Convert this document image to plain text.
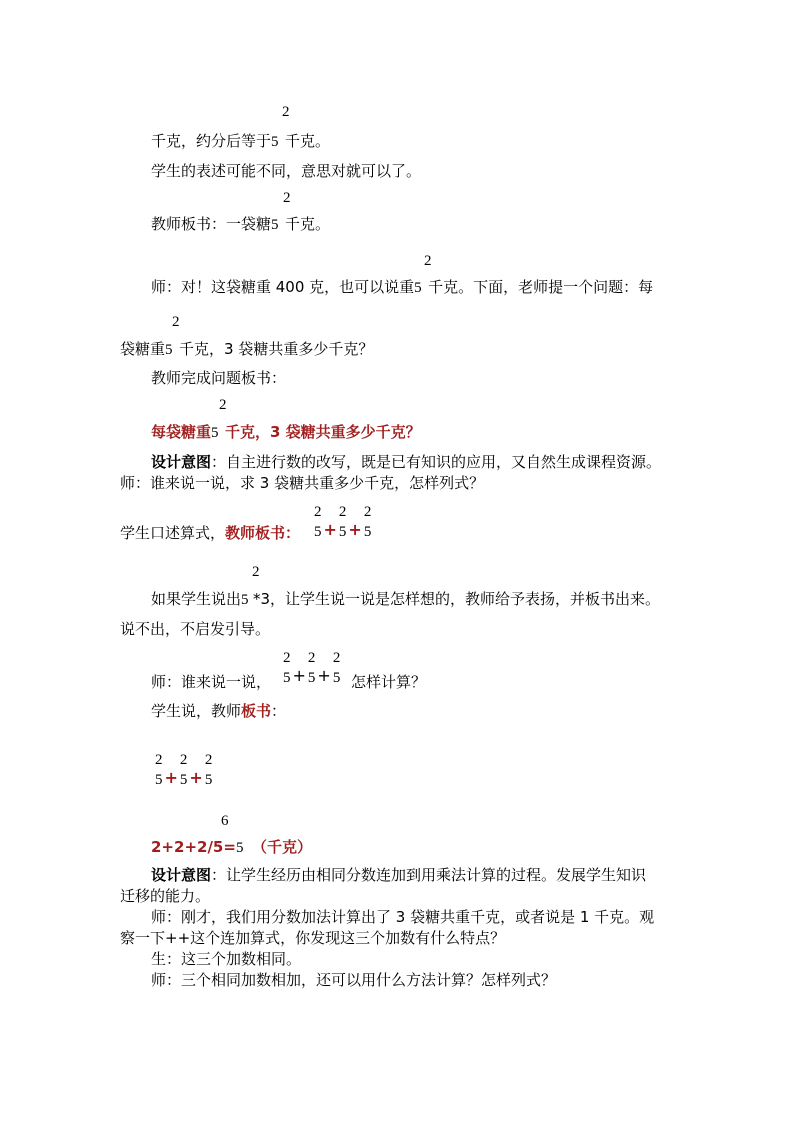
2
千克，约分后等于5 千克。
学生的表述可能不同，意思对就可以了。
2
教师板书：一袋糖5 千克。
2
师：对！这袋糖重 400 克，也可以说重5 千克。下面，老师提一个问题：每
2
袋糖重5 千克，3 袋糖共重多少千克？
教师完成问题板书：
2
每袋糖重5 千克，3 袋糖共重多少千克？
设计意图：自主进行数的改写，既是已有知识的应用，又自然生成课程资源。
师：谁来说一说，求 3 袋糖共重多少千克，怎样列式？
学生口述算式，教师板书：
2
5 +
2
5 +
2
5
2
如果学生说出5 *3，让学生说一说是怎样想的，教师给予表扬，并板书出来。
说不出，不启发引导。
师：谁来说一说，	怎样计算？
2
5 +
2
5 +
2
5
学生说，教师板书：
2
5 +
2
5 +
2
5
6
2+2+2/5=5 （千克）
设计意图：让学生经历由相同分数连加到用乘法计算的过程。发展学生知识
迁移的能力。
师：刚才，我们用分数加法计算出了 3 袋糖共重千克，或者说是 1 千克。观
察一下++这个连加算式，你发现这三个加数有什么特点？
生：这三个加数相同。
师：三个相同加数相加，还可以用什么方法计算？怎样列式？
